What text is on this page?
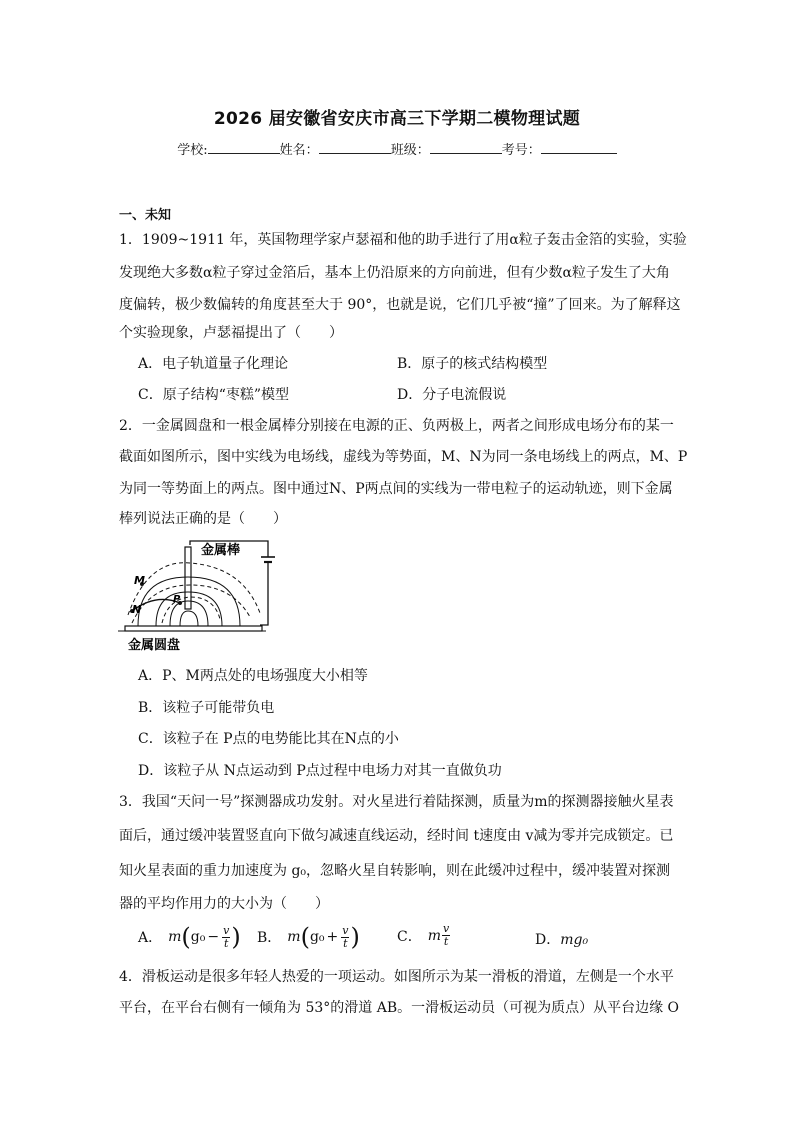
2026 届安徽省安庆市高三下学期二模物理试题
学校:	姓名：	班级：	考号：
一、未知
1．1909~1911 年，英国物理学家卢瑟福和他的助手进行了用α粒子轰击金箔的实验，实验
发现绝大多数α粒子穿过金箔后，基本上仍沿原来的方向前进，但有少数α粒子发生了大角
度偏转，极少数偏转的角度甚至大于 90°，也就是说，它们几乎被“撞”了回来。为了解释这
个实验现象，卢瑟福提出了（　　）
A．电子轨道量子化理论	B．原子的核式结构模型
C．原子结构“枣糕”模型	D．分子电流假说
2．一金属圆盘和一根金属棒分别接在电源的正、负两极上，两者之间形成电场分布的某一
截面如图所示，图中实线为电场线，虚线为等势面，M、N为同一条电场线上的两点，M、P
为同一等势面上的两点。图中通过N、P两点间的实线为一带电粒子的运动轨迹，则下金属
棒列说法正确的是（　　）
M
N
P
金属棒
金属圆盘
A．P、M两点处的电场强度大小相等
B．该粒子可能带负电
C．该粒子在 P点的电势能比其在N点的小
D．该粒子从 N点运动到 P点过程中电场力对其一直做负功
3．我国“天问一号”探测器成功发射。对火星进行着陆探测，质量为m的探测器接触火星表
面后，通过缓冲装置竖直向下做匀减速直线运动，经时间 t速度由 v减为零并完成锁定。已
知火星表面的重力加速度为 g₀，忽略火星自转影响，则在此缓冲过程中，缓冲装置对探测
器的平均作用力的大小为（　　）
A． m ( $g_0 - \frac{v}{t}$ ) B． m ( $g_0 + \frac{v}{t}$ )	C． m $\frac{v}{t}$	D．mg₀
4．滑板运动是很多年轻人热爱的一项运动。如图所示为某一滑板的滑道，左侧是一个水平
平台，在平台右侧有一倾角为 53°的滑道 AB。一滑板运动员（可视为质点）从平台边缘 O
